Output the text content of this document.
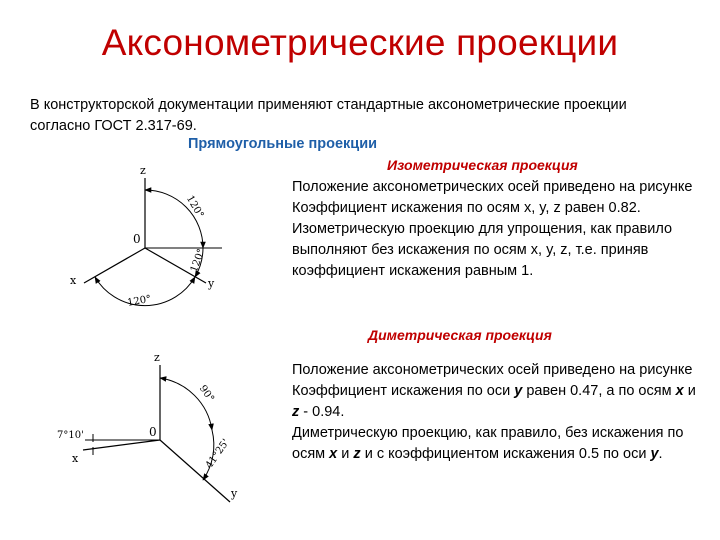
Аксонометрические проекции
В конструкторской документации применяют стандартные аксонометрические проекции согласно ГОСТ 2.317-69.
Прямоугольные проекции
Изометрическая проекция
Положение аксонометрических осей приведено на рисунке
Коэффициент искажения по осям x, y, z равен 0.82.
Изометрическую проекцию для упрощения, как правило выполняют без искажения по осям x, y, z, т.е. приняв коэффициент искажения равным 1.
Диметрическая проекция
Положение аксонометрических осей приведено на рисунке
Коэффициент искажения по оси y равен 0.47, а по осям x и z - 0.94.
Диметрическую проекцию, как правило, без искажения по осям x и z и с коэффициентом искажения 0.5 по оси y.
z
0
x	y
120°
120°
120°
z
0
x
y
90°
7°10'
41°25'
